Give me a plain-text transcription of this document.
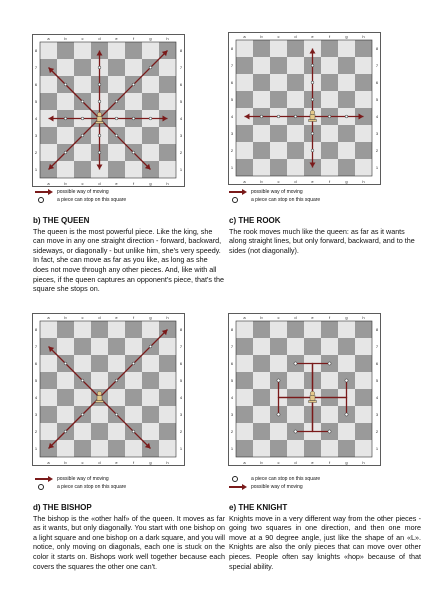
a
a
b
b
c
c
d
d
e
e
f
f
g
g
h
h
8	8
7	7
6	6
5	5
4	4
3	3
2	2
1	1
possible way of moving
a piece can stop on this square
b) THE QUEEN
The queen is the most powerful piece. Like the king, she can move in any one straight direction - forward, backward, sideways, or diagonally - but unlike him, she's very speedy. In fact, she can move as far as you like, as long as she does not move through any other pieces. And, like with all pieces, if the queen captures an opponent's piece, that's the square she stops on.
a
a
b
b
c
c
d
d
e
e
f
f
g
g
h
h
8	8
7	7
6	6
5	5
4	4
3	3
2	2
1	1
possible way of moving
a piece can stop on this square
c) THE ROOK
The rook moves much like the queen: as far as it wants along straight lines, but only forward, backward, and to the sides (not diagonally).
a
a
b
b
c
c
d
d
e
e
f
f
g
g
h
h
8	8
7	7
6	6
5	5
4	4
3	3
2	2
1	1
possible way of moving
a piece can stop on this square
d) THE BISHOP
The bishop is the «other half» of the queen. It moves as far as it wants, but only diagonally. You start with one bishop on a light square and one bishop on a dark square, and you will notice, only moving on diagonals, each one is stuck on the color it starts on. Bishops work well together because each covers the squares the other one can't.
a
a
b
b
c
c
d
d
e
e
f
f
g
g
h
h
8	8
7	7
6	6
5	5
4	4
3	3
2	2
1	1
a piece can stop on this square
possible way of moving
e) THE KNIGHT
Knights move in a very different way from the other pieces - going two squares in one direction, and then one more move at a 90 degree angle, just like the shape of an «L». Knights are also the only pieces that can move over other pieces. People often say knights «hop» because of that special ability.
